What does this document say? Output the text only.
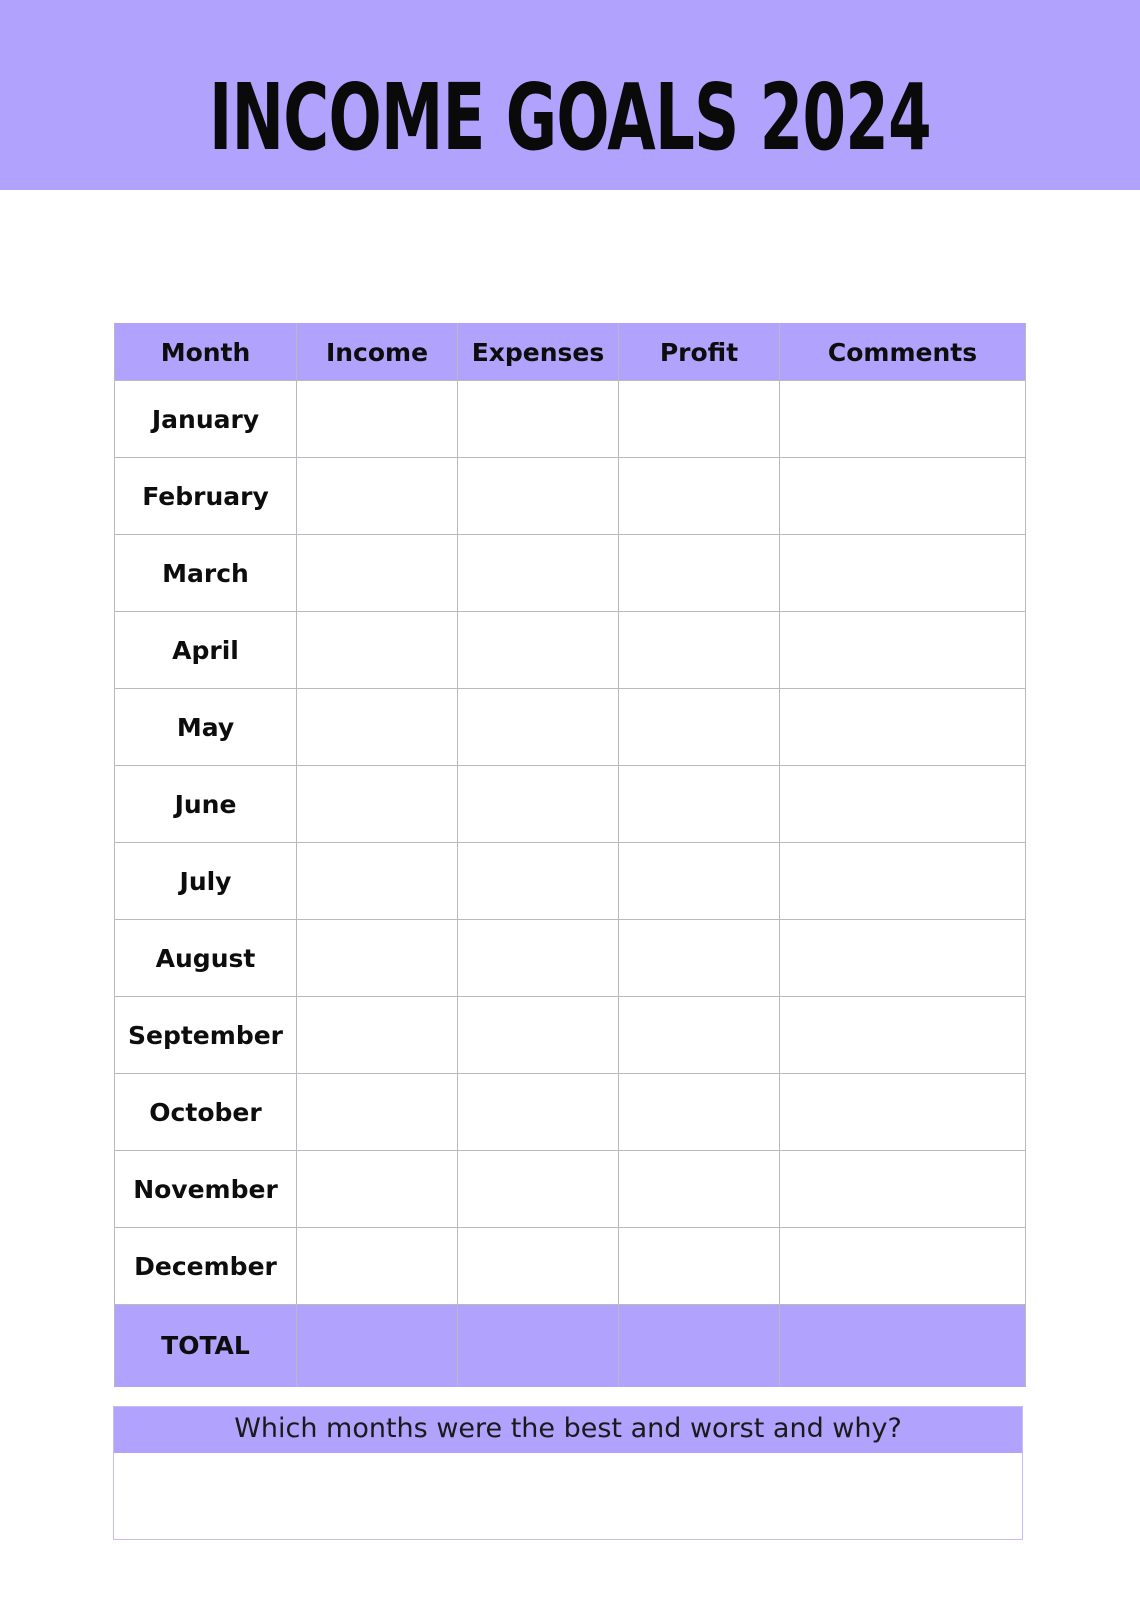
INCOME GOALS 2024
Month	Income	Expenses	Profit	Comments
January				
February				
March				
April				
May				
June				
July				
August				
September				
October				
November				
December				
TOTAL				
Which months were the best and worst and why?
